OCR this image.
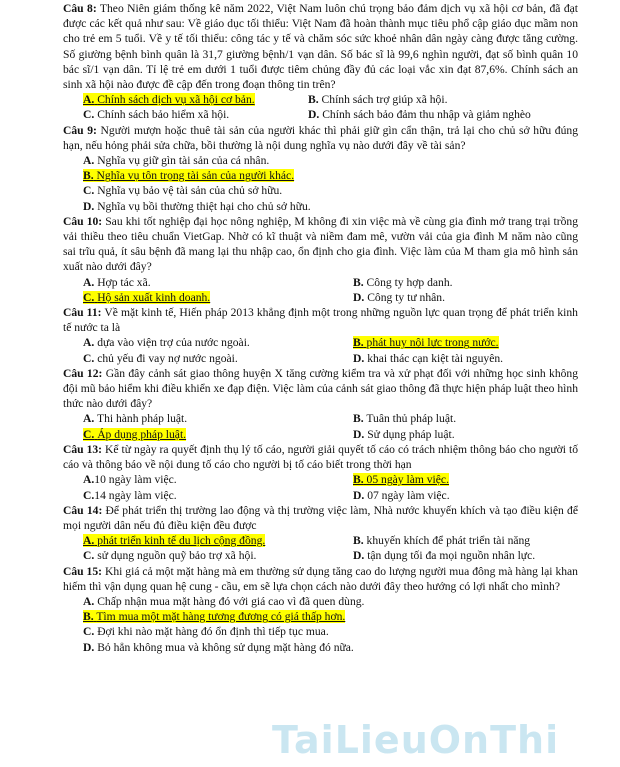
Câu 8: Theo Niên giám thống kê năm 2022, Việt Nam luôn chú trọng bảo đảm dịch vụ xã hội cơ bản, đã đạt được các kết quả như sau: Về giáo dục tối thiểu: Việt Nam đã hoàn thành mục tiêu phổ cập giáo dục mầm non cho trẻ em 5 tuổi. Về y tế tối thiểu: công tác y tế và chăm sóc sức khoẻ nhân dân ngày càng được tăng cường. Số giường bệnh bình quân là 31,7 giường bệnh/1 vạn dân. Số bác sĩ là 99,6 nghìn người, đạt số bình quân 10 bác sĩ/1 vạn dân. Tỉ lệ trẻ em dưới 1 tuổi được tiêm chủng đầy đủ các loại vắc xin đạt 87,6%. Chính sách an sinh xã hội nào được đề cập đến trong đoạn thông tin trên?

A. Chính sách dịch vụ xã hội cơ bản.	B. Chính sách trợ giúp xã hội.

C. Chính sách bảo hiểm xã hội.	D. Chính sách bảo đảm thu nhập và giảm nghèo

Câu 9: Người mượn hoặc thuê tài sản của người khác thì phải giữ gìn cẩn thận, trả lại cho chủ sở hữu đúng hạn, nếu hỏng phải sửa chữa, bồi thường là nội dung nghĩa vụ nào dưới đây về tài sản?

A. Nghĩa vụ giữ gìn tài sản của cá nhân.

B. Nghĩa vụ tôn trọng tài sản của người khác.

C. Nghĩa vụ bảo vệ tài sản của chủ sở hữu.

D. Nghĩa vụ bồi thường thiệt hại cho chủ sở hữu.

Câu 10: Sau khi tốt nghiệp đại học nông nghiệp, M không đi xin việc mà về cùng gia đình mở trang trại trồng vải thiều theo tiêu chuẩn VietGap. Nhờ có kĩ thuật và niềm đam mê, vườn vải của gia đình M năm nào cũng sai trĩu quả, ít sâu bệnh đã mang lại thu nhập cao, ổn định cho gia đình. Việc làm của M tham gia mô hình sản xuất nào dưới đây?

A. Hợp tác xã.	B. Công ty hợp danh.

C. Hộ sản xuất kinh doanh.	D. Công ty tư nhân.

Câu 11: Về mặt kinh tế, Hiến pháp 2013 khẳng định một trong những nguồn lực quan trọng để phát triển kinh tế nước ta là

A. dựa vào viện trợ của nước ngoài.	B. phát huy nội lực trong nước.

C. chủ yếu đi vay nợ nước ngoài.	D. khai thác cạn kiệt tài nguyên.

Câu 12: Gần đây cảnh sát giao thông huyện X tăng cường kiểm tra và xử phạt đối với những học sinh không đội mũ bảo hiểm khi điều khiển xe đạp điện. Việc làm của cảnh sát giao thông đã thực hiện pháp luật theo hình thức nào dưới đây?

A. Thi hành pháp luật.	B. Tuân thủ pháp luật.

C. Áp dụng pháp luật.	D. Sử dụng pháp luật.

Câu 13: Kể từ ngày ra quyết định thụ lý tố cáo, người giải quyết tố cáo có trách nhiệm thông báo cho người tố cáo và thông báo về nội dung tố cáo cho người bị tố cáo biết trong thời hạn

A.10 ngày làm việc.	B. 05 ngày làm việc.

C.14 ngày làm việc.	D. 07 ngày làm việc.

Câu 14: Để phát triển thị trường lao động và thị trường việc làm, Nhà nước khuyến khích và tạo điều kiện để mọi người dân nếu đủ điều kiện đều được

A. phát triển kinh tế du lịch cộng đồng.	B. khuyến khích để phát triển tài năng

C. sử dụng nguồn quỹ bảo trợ xã hội.	D. tận dụng tối đa mọi nguồn nhân lực.

Câu 15: Khi giá cả một mặt hàng mà em thường sử dụng tăng cao do lượng người mua đông mà hàng lại khan hiếm thì vận dụng quan hệ cung - cầu, em sẽ lựa chọn cách nào dưới đây theo hướng có lợi nhất cho mình?

A. Chấp nhận mua mặt hàng đó với giá cao vì đã quen dùng.

B. Tìm mua một mặt hàng tương đương có giá thấp hơn.

C. Đợi khi nào mặt hàng đó ổn định thì tiếp tục mua.

D. Bỏ hẳn không mua và không sử dụng mặt hàng đó nữa.

TaiLieuOnThi
